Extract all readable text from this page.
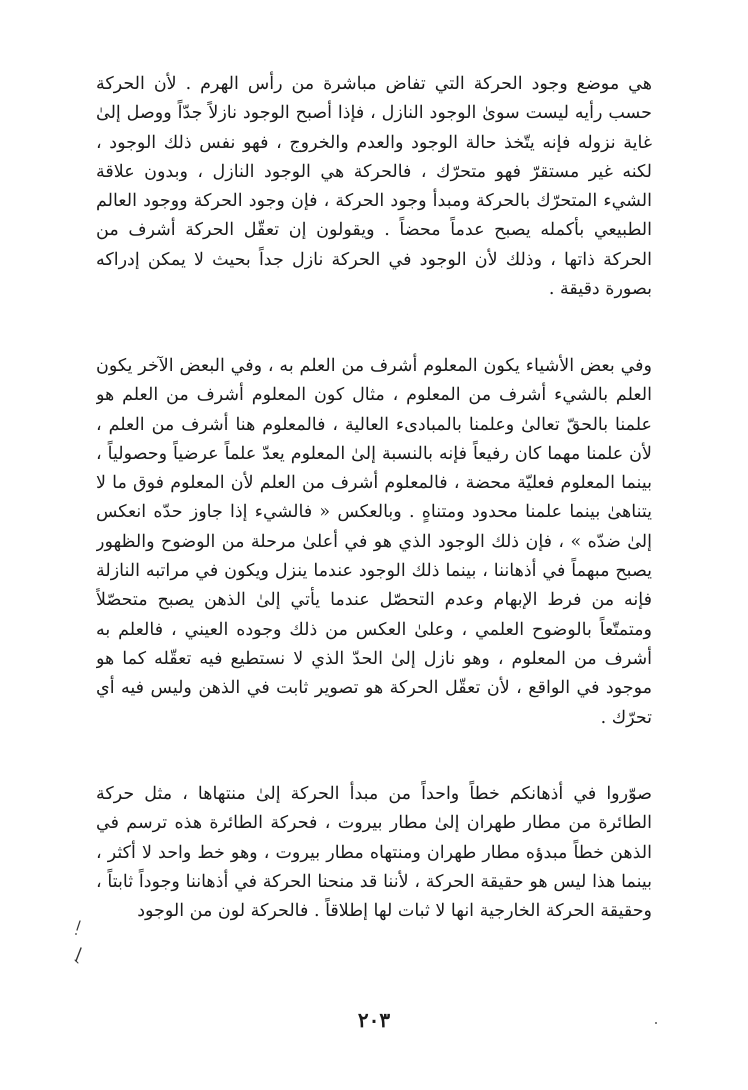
هي موضع وجود الحركة التي تفاض مباشرة من رأس الهرم . لأن الحركة حسب رأيه ليست سوىٰ الوجود النازل ، فإذا أصبح الوجود نازلاً جدّاً ووصل إلىٰ غاية نزوله فإنه يتّخذ حالة الوجود والعدم والخروج ، فهو نفس ذلك الوجود ، لكنه غير مستقرّ فهو متحرّك ، فالحركة هي الوجود النازل ، وبدون علاقة الشيء المتحرّك بالحركة ومبدأ وجود الحركة ، فإن وجود الحركة ووجود العالم الطبيعي بأكمله يصبح عدماً محضاً . ويقولون إن تعقّل الحركة أشرف من الحركة ذاتها ، وذلك لأن الوجود في الحركة نازل جداً بحيث لا يمكن إدراكه بصورة دقيقة .

وفي بعض الأشياء يكون المعلوم أشرف من العلم به ، وفي البعض الآخر يكون العلم بالشيء أشرف من المعلوم ، مثال كون المعلوم أشرف من العلم هو علمنا بالحقّ تعالىٰ وعلمنا بالمبادىء العالية ، فالمعلوم هنا أشرف من العلم ، لأن علمنا مهما كان رفيعاً فإنه بالنسبة إلىٰ المعلوم يعدّ علماً عرضياً وحصولياً ، بينما المعلوم فعليّة محضة ، فالمعلوم أشرف من العلم لأن المعلوم فوق ما لا يتناهىٰ بينما علمنا محدود ومتناهٍ . وبالعكس « فالشيء إذا جاوز حدّه انعكس إلىٰ ضدّه » ، فإن ذلك الوجود الذي هو في أعلىٰ مرحلة من الوضوح والظهور يصبح مبهماً في أذهاننا ، بينما ذلك الوجود عندما ينزل ويكون في مراتبه النازلة فإنه من فرط الإبهام وعدم التحصّل عندما يأتي إلىٰ الذهن يصبح متحصّلاً ومتمتّعاً بالوضوح العلمي ، وعلىٰ العكس من ذلك وجوده العيني ، فالعلم به أشرف من المعلوم ، وهو نازل إلىٰ الحدّ الذي لا نستطيع فيه تعقّله كما هو موجود في الواقع ، لأن تعقّل الحركة هو تصوير ثابت في الذهن وليس فيه أي تحرّك .

صوّروا في أذهانكم خطاً واحداً من مبدأ الحركة إلىٰ منتهاها ، مثل حركة الطائرة من مطار طهران إلىٰ مطار بيروت ، فحركة الطائرة هذه ترسم في الذهن خطاً مبدؤه مطار طهران ومنتهاه مطار بيروت ، وهو خط واحد لا أكثر ، بينما هذا ليس هو حقيقة الحركة ، لأننا قد منحنا الحركة في أذهاننا وجوداً ثابتاً ، وحقيقة الحركة الخارجية انها لا ثبات لها إطلاقاً . فالحركة لون من الوجود

٢٠٣
